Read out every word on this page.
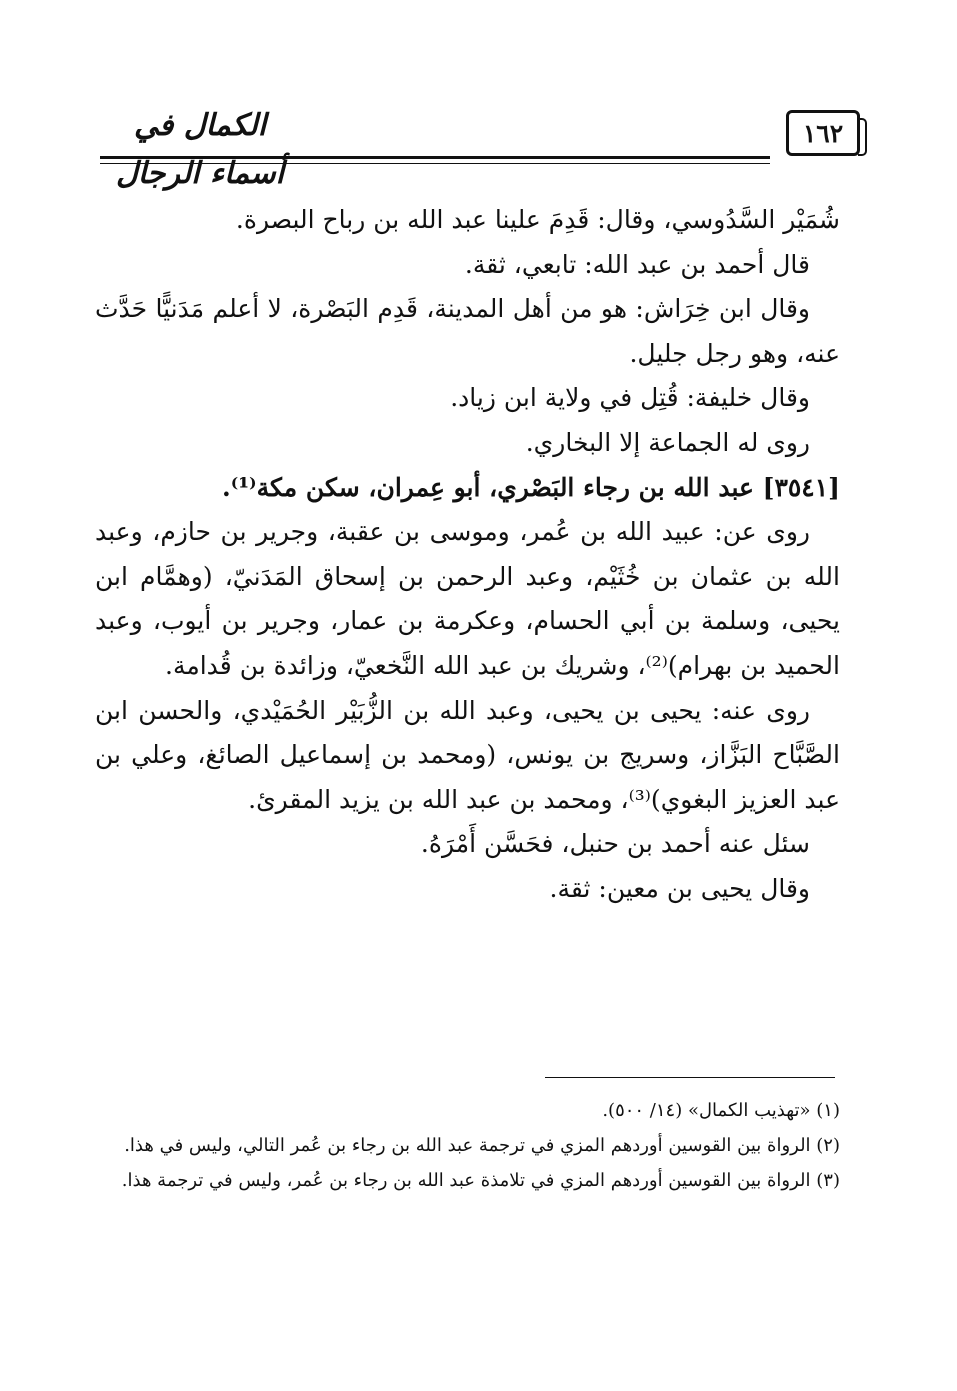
الكمال في أسماء الرجال
١٦٢

شُمَيْر السَّدُوسي، وقال: قَدِمَ علينا عبد الله بن رباح البصرة.

قال أحمد بن عبد الله: تابعي، ثقة.

وقال ابن خِرَاش: هو من أهل المدينة، قَدِم البَصْرة، لا أعلم مَدَنيًّا حَدَّث عنه، وهو رجل جليل.

وقال خليفة: قُتِل في ولاية ابن زياد.

روى له الجماعة إلا البخاري.

[٣٥٤١] عبد الله بن رجاء البَصْري، أبو عِمران، سكن مكة⁽¹⁾.

روى عن: عبيد الله بن عُمر، وموسى بن عقبة، وجرير بن حازم، وعبد الله بن عثمان بن خُثَيْم، وعبد الرحمن بن إسحاق المَدَنيّ، (وهمَّام ابن يحيى، وسلمة بن أبي الحسام، وعكرمة بن عمار، وجرير بن أيوب، وعبد الحميد بن بهرام)⁽²⁾، وشريك بن عبد الله النَّخعيّ، وزائدة بن قُدامة.

روى عنه: يحيى بن يحيى، وعبد الله بن الزُّبَيْر الحُمَيْدي، والحسن ابن الصَّبَّاح البَزَّاز، وسريج بن يونس، (ومحمد بن إسماعيل الصائغ، وعلي بن عبد العزيز البغوي)⁽³⁾، ومحمد بن عبد الله بن يزيد المقرئ.

سئل عنه أحمد بن حنبل، فحَسَّن أَمْرَهُ.

وقال يحيى بن معين: ثقة.

(١) «تهذيب الكمال» (١٤/ ٥٠٠).

(٢) الرواة بين القوسين أوردهم المزي في ترجمة عبد الله بن رجاء بن عُمر التالي، وليس في هذا.

(٣) الرواة بين القوسين أوردهم المزي في تلامذة عبد الله بن رجاء بن عُمر، وليس في ترجمة هذا.
